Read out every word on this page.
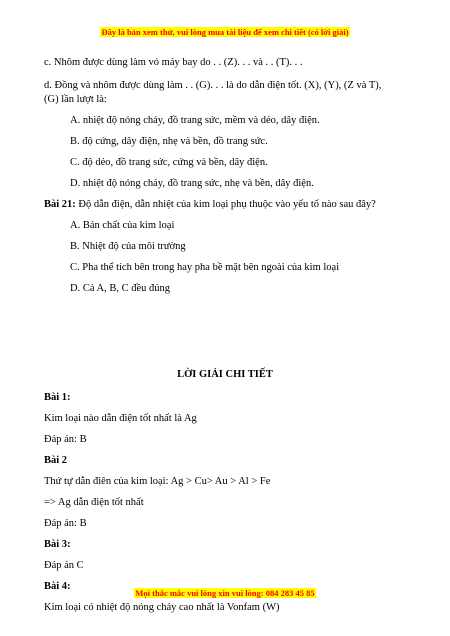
Đây là bản xem thử, vui lòng mua tài liệu để xem chi tiết (có lời giải)

c. Nhôm được dùng làm vỏ máy bay do . . (Z). . . và . . (T). . .

d. Đồng và nhôm được dùng làm . . (G). . . là do dẫn điện tốt. (X), (Y), (Z và T),

(G) lần lượt là:

A. nhiệt độ nóng chảy, đồ trang sức, mềm và dẻo, dây điện.

B. độ cứng, dây điện, nhẹ và bền, đồ trang sức.

C. độ dẻo, đồ trang sức, cứng và bền, dây điện.

D. nhiệt độ nóng chảy, đồ trang sức, nhẹ và bền, dây điện.

Bài 21: Độ dẫn điện, dẫn nhiệt của kim loại phụ thuộc vào yếu tố nào sau đây?

A. Bản chất của kim loại

B. Nhiệt độ của môi trường

C. Pha thể tích bên trong hay pha bề mặt bên ngoài của kim loại

D. Cả A, B, C đều đúng

LỜI GIẢI CHI TIẾT

Bài 1:

Kim loại nào dẫn điện tốt nhất là Ag

Đáp án: B

Bài 2

Thứ tự dẫn điên của kim loại: Ag > Cu> Au > Al > Fe

=> Ag dẫn điện tốt nhất

Đáp án: B

Bài 3:

Đáp án C

Bài 4:

Kim loại có nhiệt độ nóng chảy cao nhất là Vonfam (W)

Mọi thắc mắc vui lòng xin vui lòng: 084 283 45 85
